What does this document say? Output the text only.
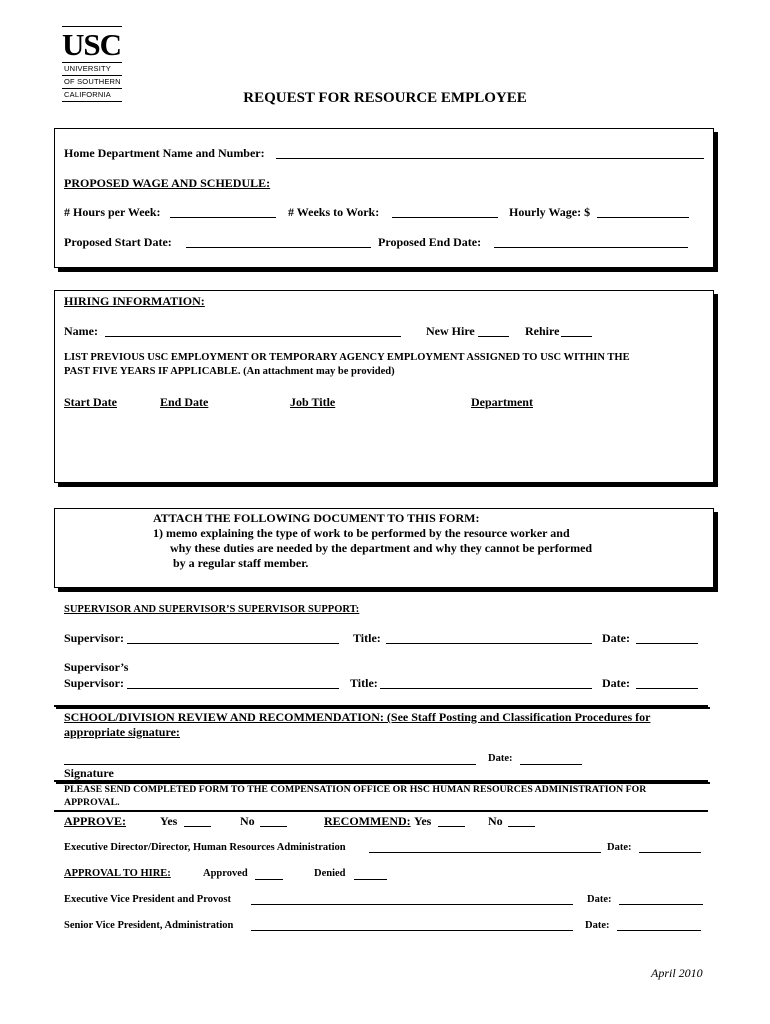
USC
UNIVERSITY
OF SOUTHERN
CALIFORNIA	REQUEST FOR RESOURCE EMPLOYEE
Home Department Name and Number:
PROPOSED WAGE AND SCHEDULE:
# Hours per Week:	# Weeks to Work:	Hourly Wage: $
Proposed Start Date:	Proposed End Date:
HIRING INFORMATION:
Name:	New Hire	Rehire
LIST PREVIOUS USC EMPLOYMENT OR TEMPORARY AGENCY EMPLOYMENT ASSIGNED TO USC WITHIN THE
PAST FIVE YEARS IF APPLICABLE. (An attachment may be provided)
Start Date	End Date	Job Title	Department
ATTACH THE FOLLOWING DOCUMENT TO THIS FORM:
1) memo explaining the type of work to be performed by the resource worker and
why these duties are needed by the department and why they cannot be performed
by a regular staff member.
SUPERVISOR AND SUPERVISOR’S SUPERVISOR SUPPORT:
Supervisor:	Title:	Date:
Supervisor’s
Supervisor:	Title:	Date:
SCHOOL/DIVISION REVIEW AND RECOMMENDATION: (See Staff Posting and Classification Procedures for
appropriate signature:
Date:
Signature
PLEASE SEND COMPLETED FORM TO THE COMPENSATION OFFICE OR HSC HUMAN RESOURCES ADMINISTRATION FOR
APPROVAL.
APPROVE:	Yes	No	RECOMMEND: Yes	No
Executive Director/Director, Human Resources Administration	Date:
APPROVAL TO HIRE:	Approved	Denied
Executive Vice President and Provost	Date:
Senior Vice President, Administration	Date:
April 2010
